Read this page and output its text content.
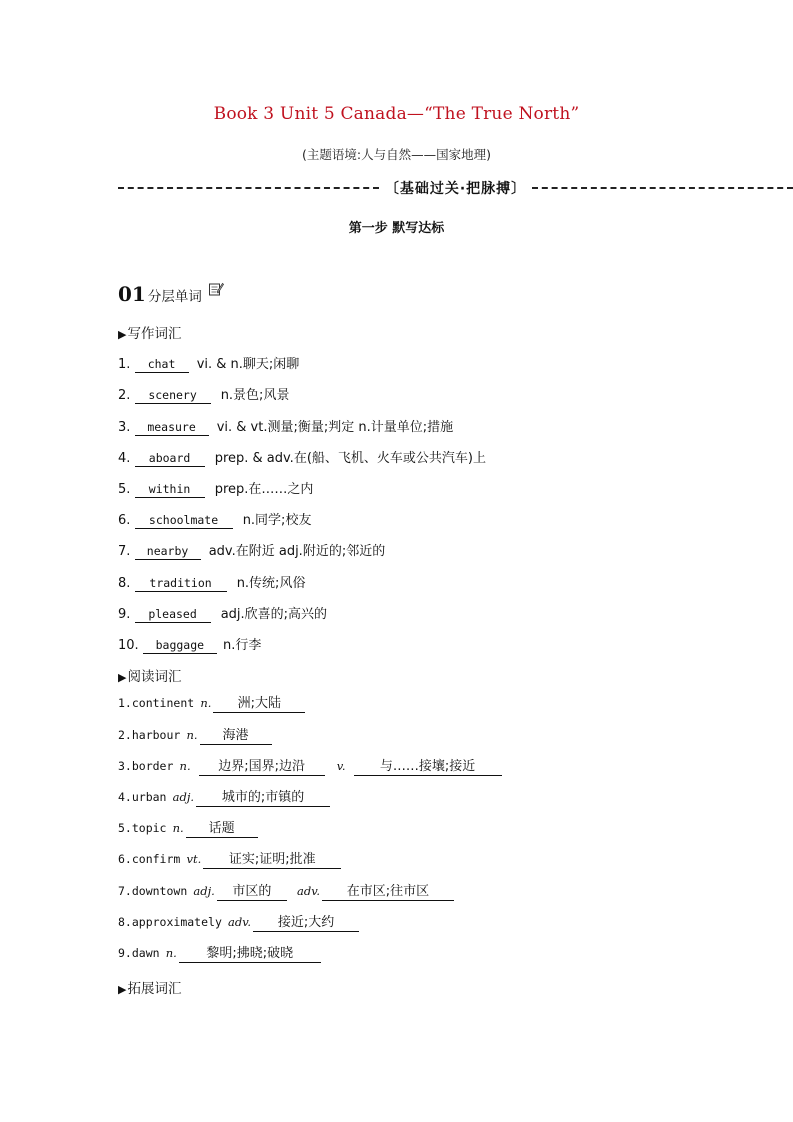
Book 3 Unit 5 Canada—“The True North”
(主题语境:人与自然——国家地理)
〔基础过关·把脉搏〕
第一步 默写达标
01 分层单词
▶写作词汇
1. chat vi. & n.聊天;闲聊
2. scenery n.景色;风景
3. measure vi. & vt.测量;衡量;判定 n.计量单位;措施
4. aboard prep. & adv.在(船、飞机、火车或公共汽车)上
5. within prep.在……之内
6. schoolmate n.同学;校友
7. nearby adv.在附近 adj.附近的;邻近的
8. tradition n.传统;风俗
9. pleased adj.欣喜的;高兴的
10. baggage n.行李
▶阅读词汇
1.continent n. 洲;大陆
2.harbour n. 海港
3.border n. 边界;国界;边沿	v.	与……接壤;接近
4.urban adj. 城市的;市镇的
5.topic n. 话题
6.confirm vt. 证实;证明;批准
7.downtown adj. 市区的 adv. 在市区;往市区
8.approximately adv. 接近;大约
9.dawn n. 黎明;拂晓;破晓
▶拓展词汇
